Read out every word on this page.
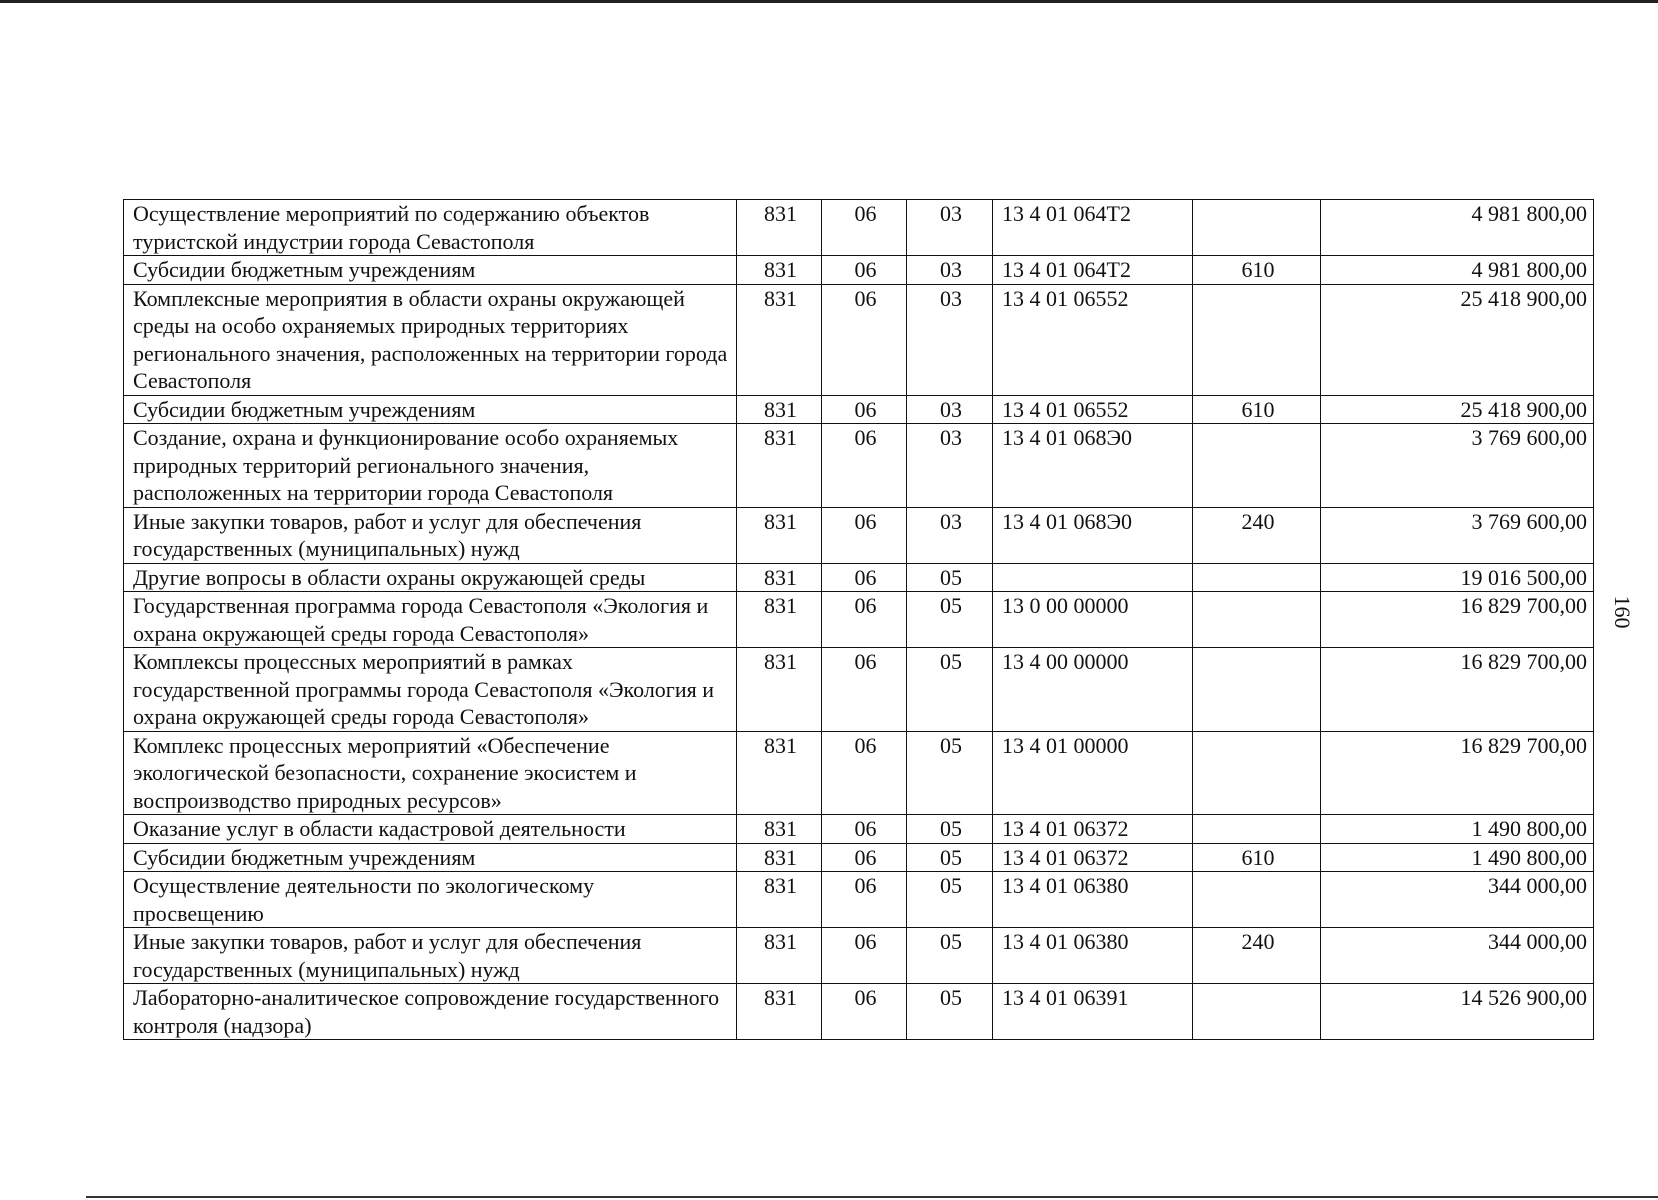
Осуществление мероприятий по содержанию объектов туристской индустрии города Севастополя	831	06	03	13 4 01 064Т2		4 981 800,00
Субсидии бюджетным учреждениям	831	06	03	13 4 01 064Т2	610	4 981 800,00
Комплексные мероприятия в области охраны окружающей среды на особо охраняемых природных территориях регионального значения, расположенных на территории города Севастополя	831	06	03	13 4 01 06552		25 418 900,00
Субсидии бюджетным учреждениям	831	06	03	13 4 01 06552	610	25 418 900,00
Создание, охрана и функционирование особо охраняемых природных территорий регионального значения, расположенных на территории города Севастополя	831	06	03	13 4 01 068Э0		3 769 600,00
Иные закупки товаров, работ и услуг для обеспечения государственных (муниципальных) нужд	831	06	03	13 4 01 068Э0	240	3 769 600,00
Другие вопросы в области охраны окружающей среды	831	06	05			19 016 500,00
Государственная программа города Севастополя «Экология и охрана окружающей среды города Севастополя»	831	06	05	13 0 00 00000		16 829 700,00
Комплексы процессных мероприятий в рамках государственной программы города Севастополя «Экология и охрана окружающей среды города Севастополя»	831	06	05	13 4 00 00000		16 829 700,00
Комплекс процессных мероприятий «Обеспечение экологической безопасности, сохранение экосистем и воспроизводство природных ресурсов»	831	06	05	13 4 01 00000		16 829 700,00
Оказание услуг в области кадастровой деятельности	831	06	05	13 4 01 06372		1 490 800,00
Субсидии бюджетным учреждениям	831	06	05	13 4 01 06372	610	1 490 800,00
Осуществление деятельности по экологическому просвещению	831	06	05	13 4 01 06380		344 000,00
Иные закупки товаров, работ и услуг для обеспечения государственных (муниципальных) нужд	831	06	05	13 4 01 06380	240	344 000,00
Лабораторно-аналитическое сопровождение государственного контроля (надзора)	831	06	05	13 4 01 06391		14 526 900,00
160
